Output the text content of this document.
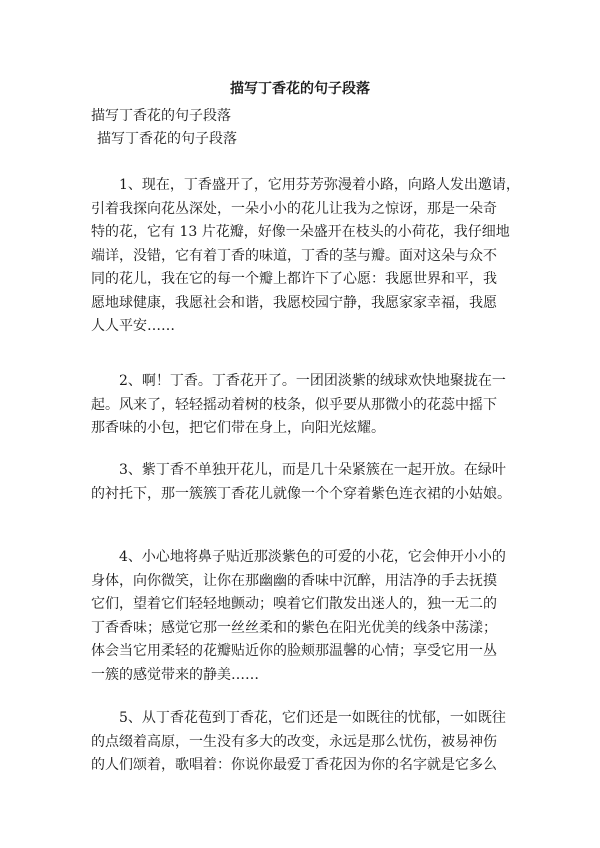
描写丁香花的句子段落

描写丁香花的句子段落

描写丁香花的句子段落

　　1、现在，丁香盛开了，它用芬芳弥漫着小路，向路人发出邀请，
引着我探向花丛深处，一朵小小的花儿让我为之惊讶，那是一朵奇
特的花，它有 13 片花瓣，好像一朵盛开在枝头的小荷花，我仔细地
端详，没错，它有着丁香的味道，丁香的茎与瓣。面对这朵与众不
同的花儿，我在它的每一个瓣上都许下了心愿：我愿世界和平，我
愿地球健康，我愿社会和谐，我愿校园宁静，我愿家家幸福，我愿
人人平安……
　　2、啊！丁香。丁香花开了。一团团淡紫的绒球欢快地聚拢在一
起。风来了，轻轻摇动着树的枝条，似乎要从那微小的花蕊中摇下
那香味的小包，把它们带在身上，向阳光炫耀。
　　3、紫丁香不单独开花儿，而是几十朵紧簇在一起开放。在绿叶
的衬托下，那一簇簇丁香花儿就像一个个穿着紫色连衣裙的小姑娘。
　　4、小心地将鼻子贴近那淡紫色的可爱的小花，它会伸开小小的
身体，向你微笑，让你在那幽幽的香味中沉醉，用洁净的手去抚摸
它们，望着它们轻轻地颤动；嗅着它们散发出迷人的，独一无二的
丁香香味；感觉它那一丝丝柔和的紫色在阳光优美的线条中荡漾；
体会当它用柔轻的花瓣贴近你的脸颊那温馨的心情；享受它用一丛
一簇的感觉带来的静美……
　　5、从丁香花苞到丁香花，它们还是一如既往的忧郁，一如既往
的点缀着高原，一生没有多大的改变，永远是那么忧伤，被易神伤
的人们颂着，歌唱着：你说你最爱丁香花因为你的名字就是它多么
